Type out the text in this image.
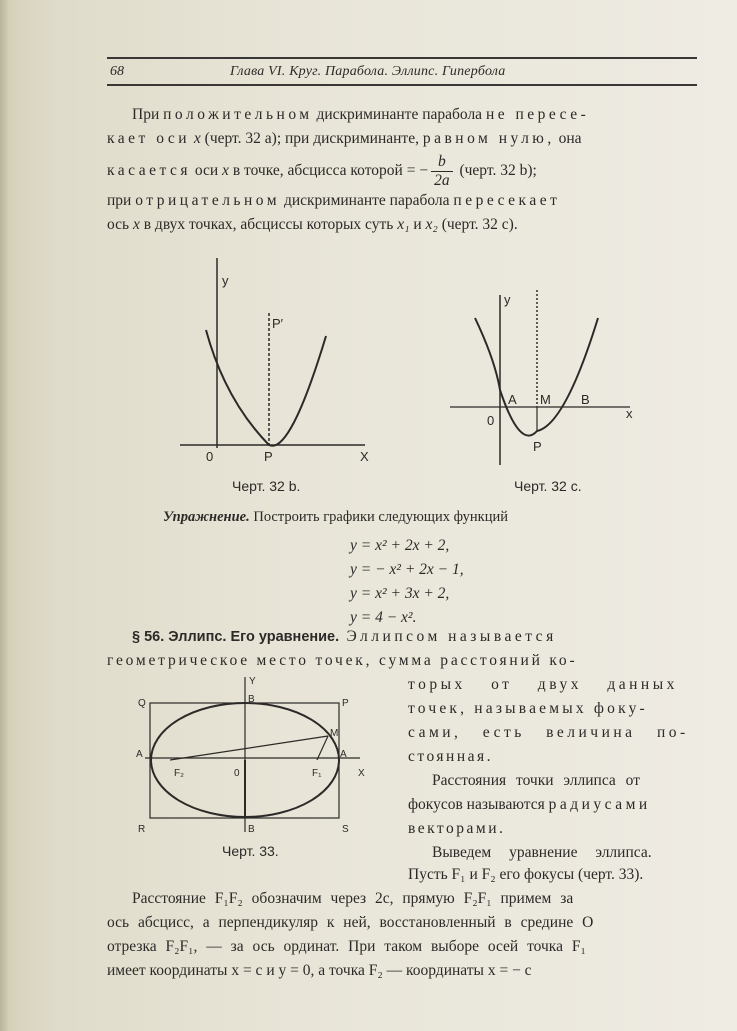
68	Глава VI. Круг. Парабола. Эллипс. Гипербола
При положительном дискриминанте парабола не пересе-
кает оси x (черт. 32 a); при дискриминанте, равном нулю, она
касается оси x в точке, абсцисса которой = − $\frac{b}{2a}$ (черт. 32 b);
при отрицательном дискриминанте парабола пересекает
ось x в двух точках, абсциссы которых суть x₁ и x₂ (черт. 32 c).
y
P′
0	P	X
Черт. 32 b.
y
A M B
x
0
P
Черт. 32 c.
Упражнение. Построить графики следующих функций
y = x² + 2x + 2,
y = − x² + 2x − 1,
y = x² + 3x + 2,
y = 4 − x².
§ 56. Эллипс. Его уравнение. Эллипсом называется
геометрическое место точек, сумма расстояний ко-
торых от двух данных
точек, называемых фоку-
сами, есть величина по-
стоянная.
Расстояния точки эллипса от
фокусов называются радиусами
векторами.
Выведем уравнение эллипса.
Пусть F₁ и F₂ его фокусы (черт. 33).
Y
Q	B	P
M
A
F₂	0	F₁
A
X
R	B	S
Черт. 33.
Расстояние F₁F₂ обозначим через 2c, прямую F₂F₁ примем за
ось абсцисс, а перпендикуляр к ней, восстановленный в средине O
отрезка F₂F₁, — за ось ординат. При таком выборе осей точка F₁
имеет координаты x = c и y = 0, а точка F₂ — координаты x = − c
